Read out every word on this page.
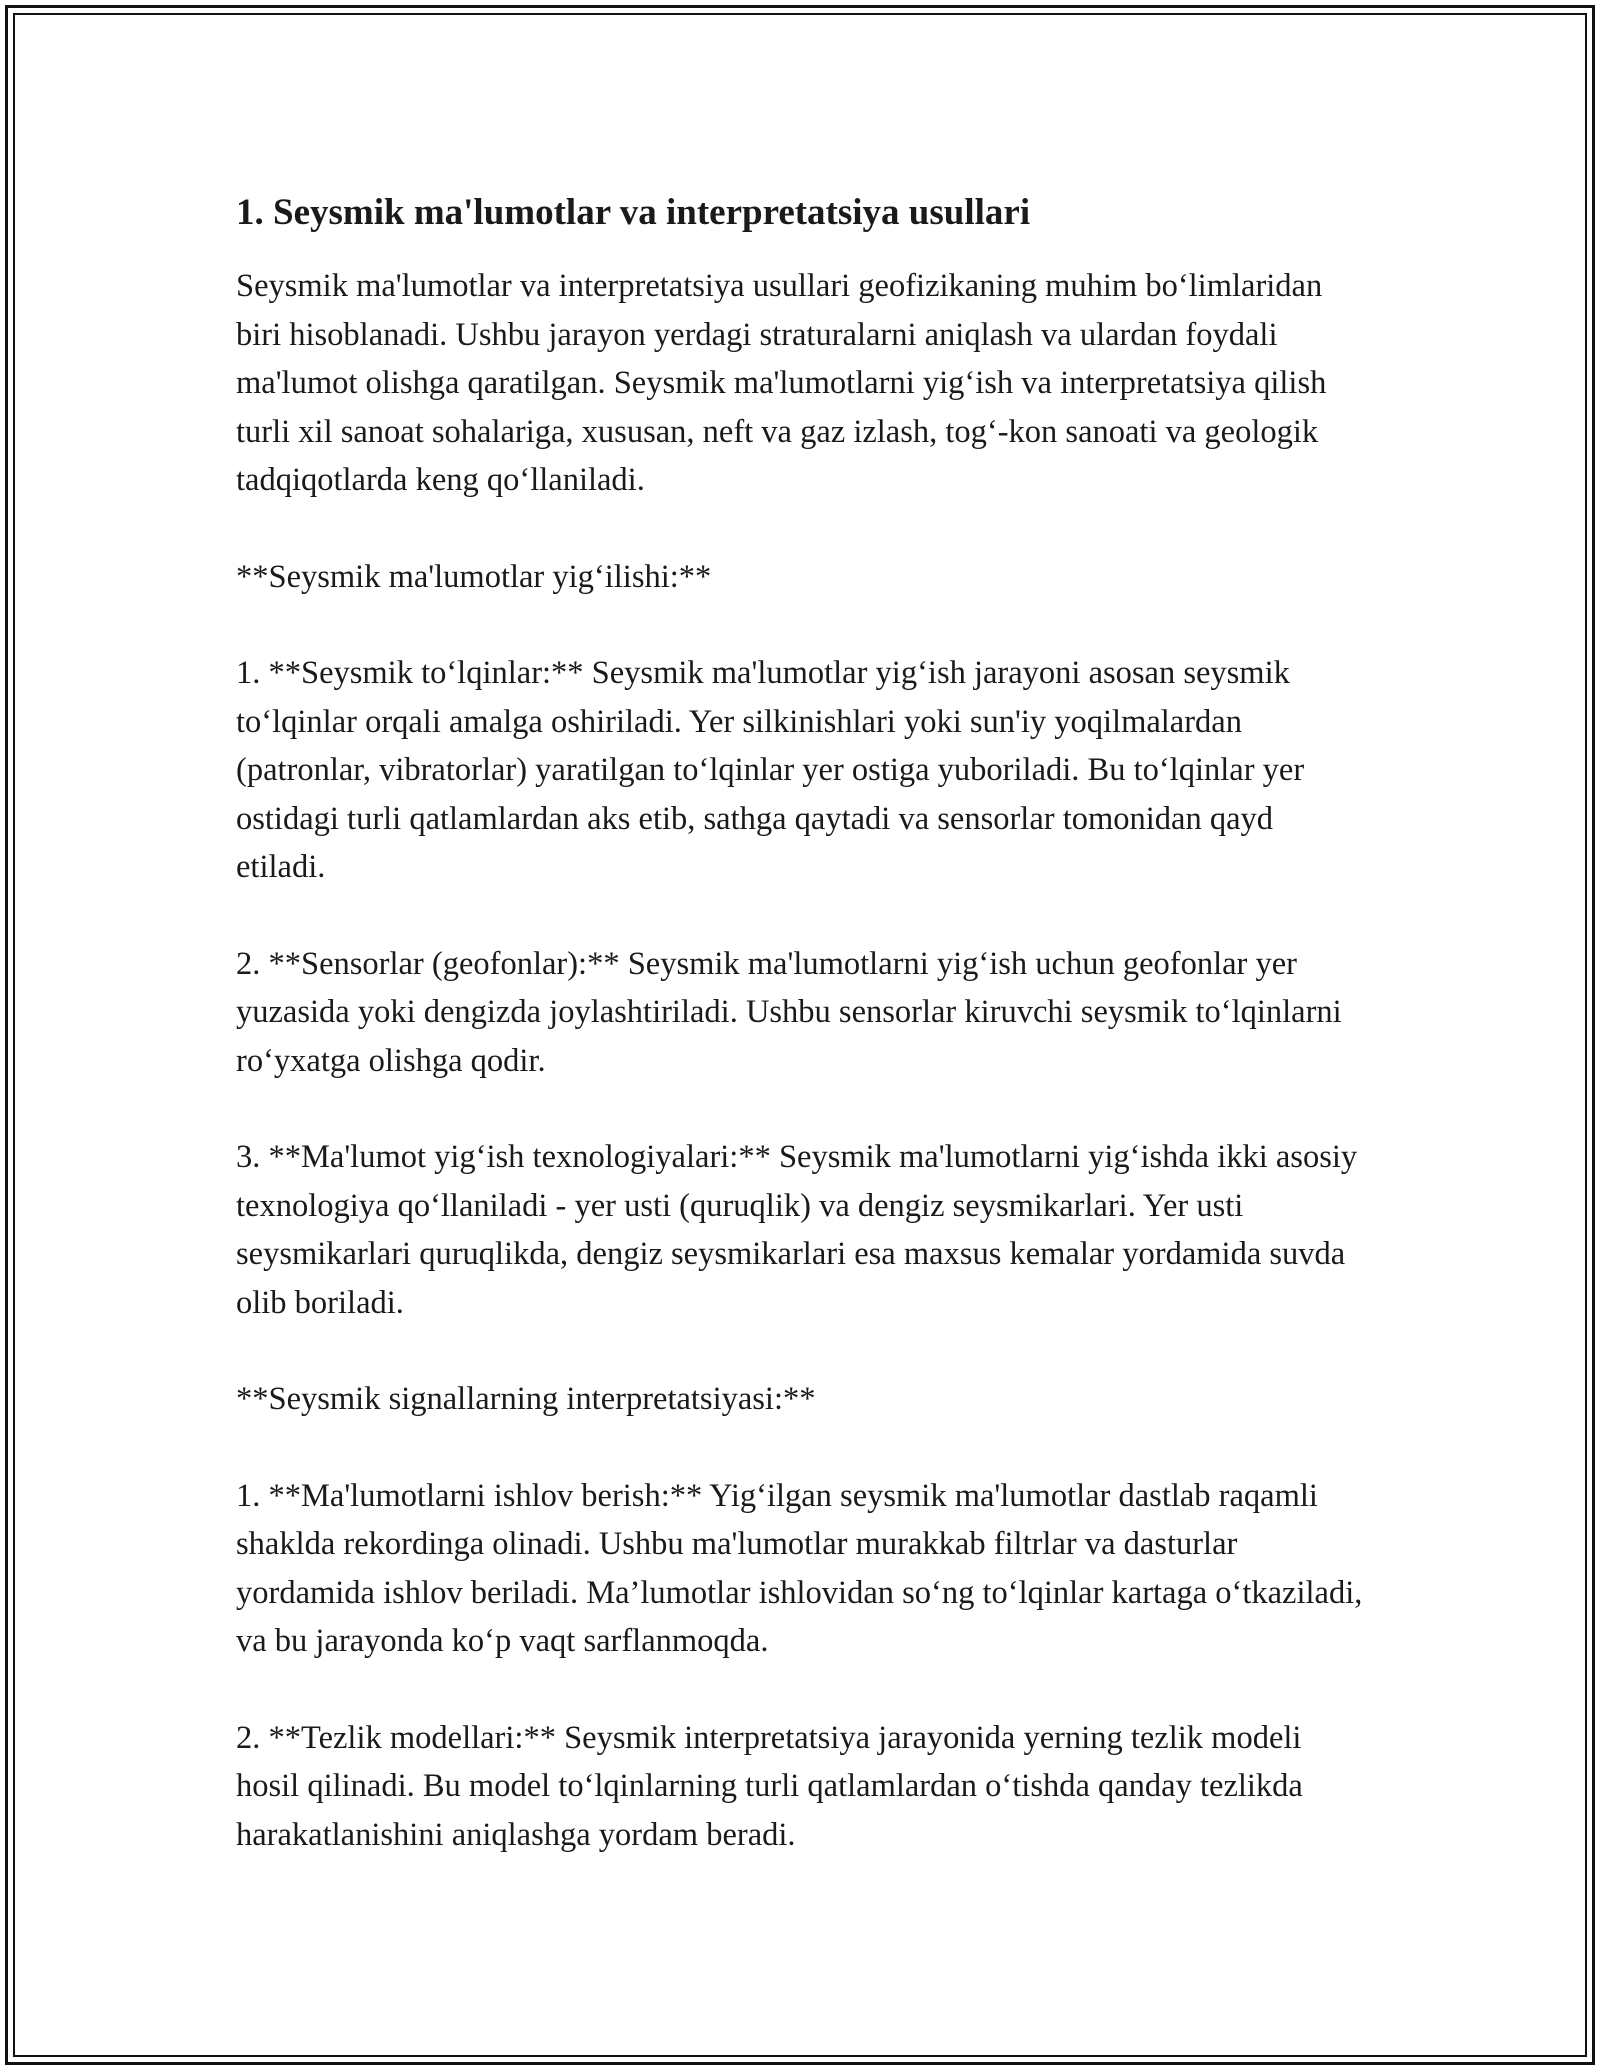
1. Seysmik ma'lumotlar va interpretatsiya usullari

Seysmik ma'lumotlar va interpretatsiya usullari geofizikaning muhim bo‘limlaridan biri hisoblanadi. Ushbu jarayon yerdagi straturalarni aniqlash va ulardan foydali ma'lumot olishga qaratilgan. Seysmik ma'lumotlarni yig‘ish va interpretatsiya qilish turli xil sanoat sohalariga, xususan, neft va gaz izlash, tog‘-kon sanoati va geologik tadqiqotlarda keng qo‘llaniladi.

**Seysmik ma'lumotlar yig‘ilishi:**

1. **Seysmik to‘lqinlar:** Seysmik ma'lumotlar yig‘ish jarayoni asosan seysmik to‘lqinlar orqali amalga oshiriladi. Yer silkinishlari yoki sun'iy yoqilmalardan (patronlar, vibratorlar) yaratilgan to‘lqinlar yer ostiga yuboriladi. Bu to‘lqinlar yer ostidagi turli qatlamlardan aks etib, sathga qaytadi va sensorlar tomonidan qayd etiladi.

2. **Sensorlar (geofonlar):** Seysmik ma'lumotlarni yig‘ish uchun geofonlar yer yuzasida yoki dengizda joylashtiriladi. Ushbu sensorlar kiruvchi seysmik to‘lqinlarni ro‘yxatga olishga qodir.

3. **Ma'lumot yig‘ish texnologiyalari:** Seysmik ma'lumotlarni yig‘ishda ikki asosiy texnologiya qo‘llaniladi - yer usti (quruqlik) va dengiz seysmikarlari. Yer usti seysmikarlari quruqlikda, dengiz seysmikarlari esa maxsus kemalar yordamida suvda olib boriladi.

**Seysmik signallarning interpretatsiyasi:**

1. **Ma'lumotlarni ishlov berish:** Yig‘ilgan seysmik ma'lumotlar dastlab raqamli shaklda rekordinga olinadi. Ushbu ma'lumotlar murakkab filtrlar va dasturlar yordamida ishlov beriladi. Ma’lumotlar ishlovidan so‘ng to‘lqinlar kartaga o‘tkaziladi, va bu jarayonda ko‘p vaqt sarflanmoqda.

2. **Tezlik modellari:** Seysmik interpretatsiya jarayonida yerning tezlik modeli hosil qilinadi. Bu model to‘lqinlarning turli qatlamlardan o‘tishda qanday tezlikda harakatlanishini aniqlashga yordam beradi.
